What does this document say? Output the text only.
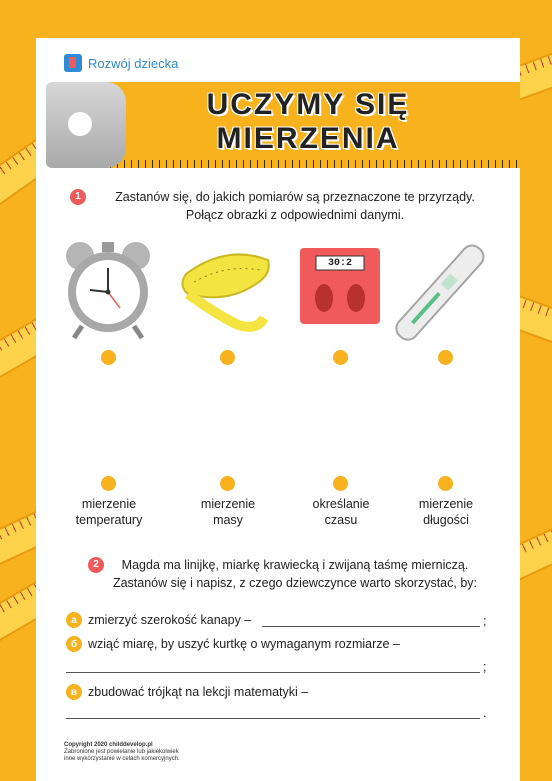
Rozwój dziecka
UCZYMY SIĘ
MIERZENIA
1	Zastanów się, do jakich pomiarów są przeznaczone te przyrządy.
Połącz obrazki z odpowiednimi danymi.
30:2
mierzenie
temperatury
mierzenie
masy
określanie
czasu
mierzenie
długości
2	Magda ma linijkę, miarkę krawiecką i zwijaną taśmę mierniczą.
Zastanów się i napisz, z czego dziewczynce warto skorzystać, by:
a zmierzyć szerokość kanapy –	;
б wziąć miarę, by uszyć kurtkę o wymaganym rozmiarze –
;
в zbudować trójkąt na lekcji matematyki –
.
Copyright 2020 childdevelop.pl
Zabronione jest powielanie lub jakiekolwiek
inne wykorzystanie w celach komercyjnych.
